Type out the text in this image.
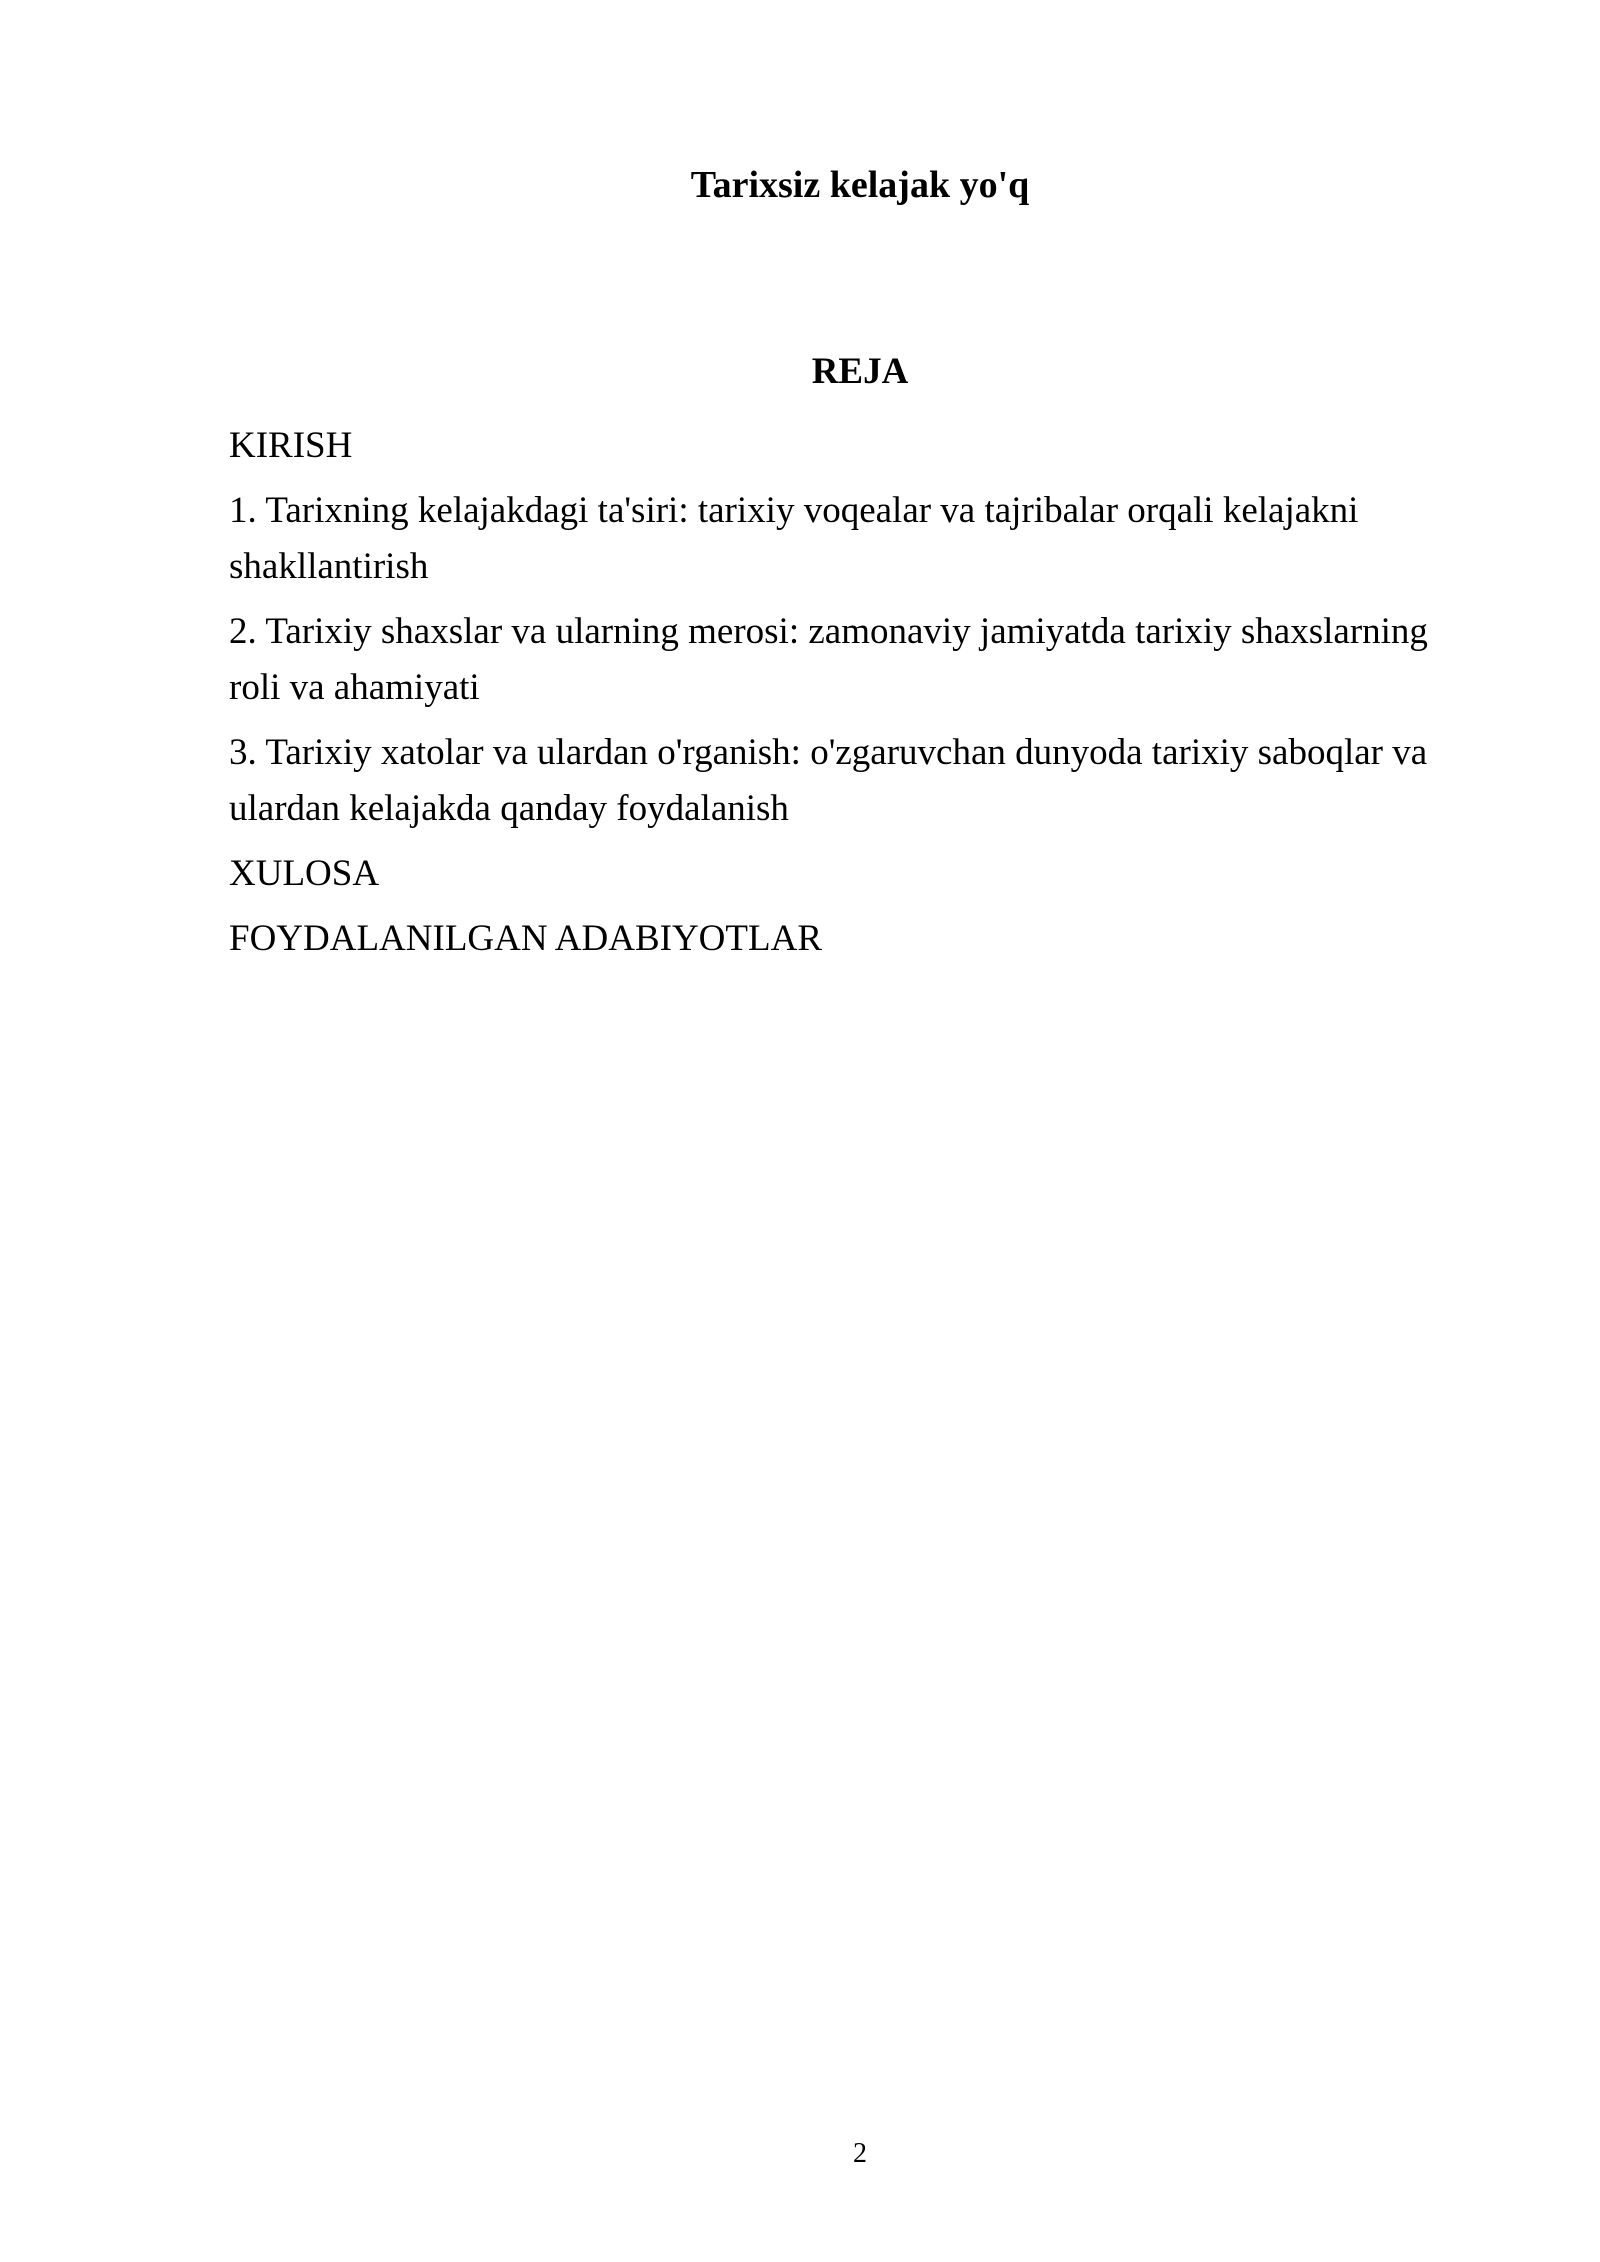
Tarixsiz kelajak yo'q
REJA
KIRISH
1. Tarixning kelajakdagi ta'siri: tarixiy voqealar va tajribalar orqali kelajakni shakllantirish
2. Tarixiy shaxslar va ularning merosi: zamonaviy jamiyatda tarixiy shaxslarning roli va ahamiyati
3. Tarixiy xatolar va ulardan o'rganish: o'zgaruvchan dunyoda tarixiy saboqlar va ulardan kelajakda qanday foydalanish
XULOSA
FOYDALANILGAN ADABIYOTLAR
2
